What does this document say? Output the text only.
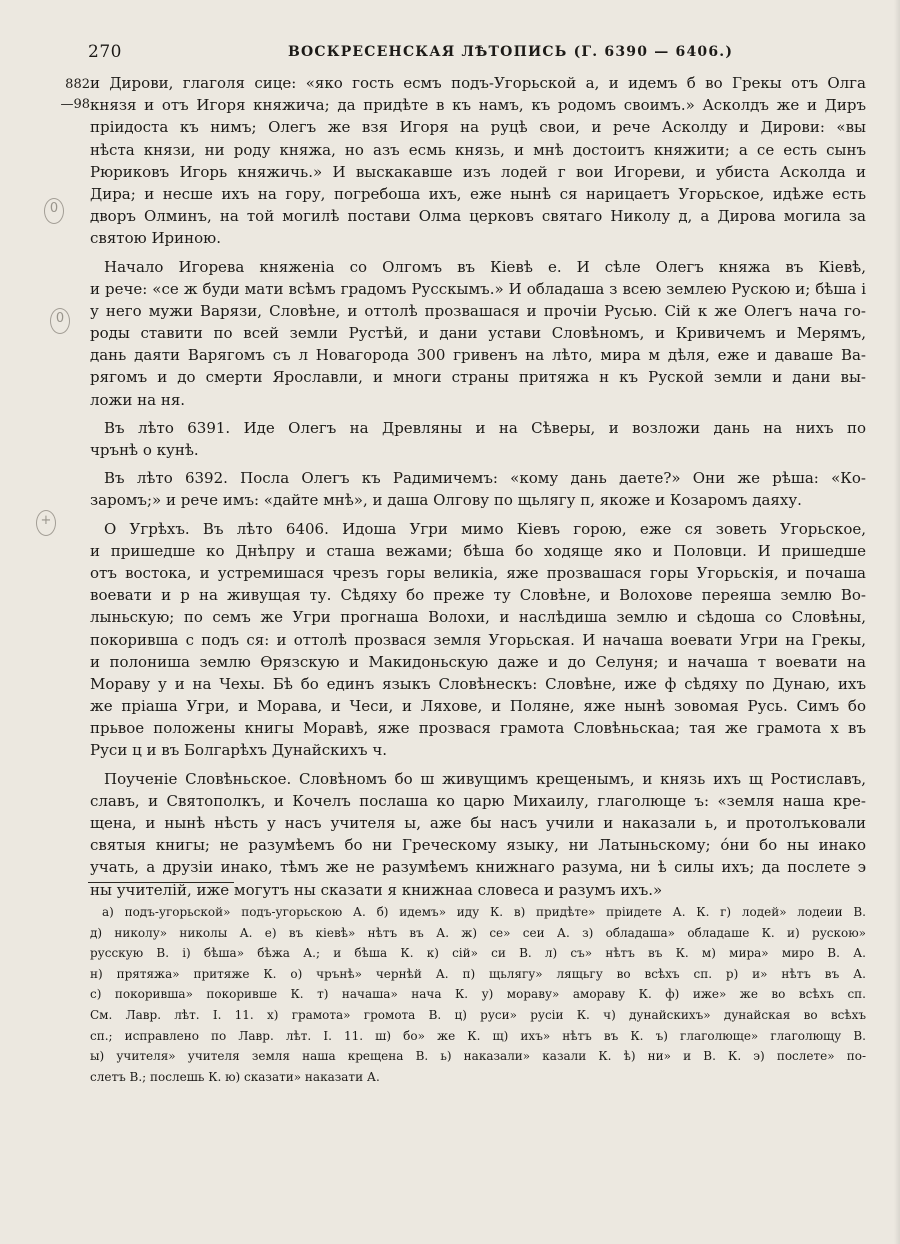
270	ВОСКРЕСЕНСКАЯ ЛѢТОПИСЬ (Г. 6390 — 6406.)
882
—98
0
0
+
и Дирови, глаголя сице: «яко гость есмъ подъ-Угорьской а, и идемъ б во Грекы отъ Олга
князя и отъ Игоря княжича; да придѣте в къ намъ, къ родомъ своимъ.» Асколдъ же и Диръ
пріидоста къ нимъ; Олегъ же взя Игоря на руцѣ свои, и рече Асколду и Дирови: «вы
нѣста князи, ни роду княжа, но азъ есмь князь, и мнѣ достоитъ княжити; а се есть сынъ
Рюриковъ Игорь княжичь.» И выскакавше изъ лодей г вои Игореви, и убиста Асколда и
Дира; и несше ихъ на гору, погребоша ихъ, еже нынѣ ся нарицаетъ Угорьское, идѣже есть
дворъ Олминъ, на той могилѣ постави Олма церковъ святаго Николу д, а Дирова могила за
святою Ириною.
Начало Игорева княженіа со Олгомъ въ Кіевѣ е. И сѣле Олегъ княжа въ Кіевѣ,
и рече: «се ж буди мати всѣмъ градомъ Русскымъ.» И обладаша з всею землею Рускою и; бѣша і
у него мужи Варязи, Словѣне, и оттолѣ прозвашася и прочіи Русью. Сій к же Олегъ нача го-
роды ставити по всей земли Рустѣй, и дани устави Словѣномъ, и Кривичемъ и Мерямъ,
дань даяти Варягомъ съ л Новагорода 300 гривенъ на лѣто, мира м дѣля, еже и даваше Ва-
рягомъ и до смерти Ярославли, и многи страны притяжа н къ Руской земли и дани вы-
ложи на ня.
Въ лѣто 6391. Иде Олегъ на Древляны и на Сѣверы, и возложи дань на нихъ по
чрънѣ о кунѣ.
Въ лѣто 6392. Посла Олегъ къ Радимичемъ: «кому дань даете?» Они же рѣша: «Ко-
заромъ;» и рече имъ: «дайте мнѣ», и даша Олгову по щьлягу п, якоже и Козаромъ даяху.
О Угрѣхъ. Въ лѣто 6406. Идоша Угри мимо Кіевъ горою, еже ся зоветь Угорьское,
и пришедше ко Днѣпру и сташа вежами; бѣша бо ходяще яко и Половци. И пришедше
отъ востока, и устремишася чрезъ горы великіа, яже прозвашася горы Угорьскія, и почаша
воевати и р на живущая ту. Сѣдяху бо преже ту Словѣне, и Волохове переяша землю Во-
лыньскую; по семъ же Угри прогнаша Волохи, и наслѣдиша землю и сѣдоша со Словѣны,
покоривша с подъ ся: и оттолѣ прозвася земля Угорьская. И начаша воевати Угри на Грекы,
и полониша землю Ѳрязскую и Макидоньскую даже и до Селуня; и начаша т воевати на
Мораву у и на Чехы. Бѣ бо единъ языкъ Словѣнескъ: Словѣне, иже ф сѣдяху по Дунаю, ихъ
же пріаша Угри, и Морава, и Чеси, и Ляхове, и Поляне, яже нынѣ зовомая Русь. Симъ бо
прьвое положены книгы Моравѣ, яже прозвася грамота Словѣньскаа; тая же грамота х въ
Руси ц и въ Болгарѣхъ Дунайскихъ ч.
Поученіе Словѣньское. Словѣномъ бо ш живущимъ крещенымъ, и князь ихъ щ Ростиславъ,
славъ, и Святополкъ, и Кочелъ послаша ко царю Михаилу, глаголюще ъ: «земля наша кре-
щена, и нынѣ нѣсть у насъ учителя ы, аже бы насъ учили и наказали ь, и протолъковали
святыя книгы; не разумѣемъ бо ни Греческому языку, ни Латыньскому; óни бо ны инако
учать, а друзіи инако, тѣмъ же не разумѣемъ книжнаго разума, ни ѣ силы ихъ; да послете э
ны учителій, иже могутъ ны сказати я книжнаа словеса и разумъ ихъ.»
а) подъ-угорьской» подъ-угорьскою А. б) идемъ» иду К. в) придѣте» пріидете А. К. г) лодей» лодеии В.
д) николу» николы А. е) въ кіевѣ» нѣтъ въ А. ж) се» сеи А. з) обладаша» обладаше К. и) рускою»
русскую В. і) бѣша» бѣжа А.; и бѣша К. к) сій» си В. л) съ» нѣтъ въ К. м) мира» миро В. А.
н) прятяжа» притяже К. о) чрънѣ» чернѣй А. п) щьлягу» лящьгу во всѣхъ сп. р) и» нѣтъ въ А.
с) покоривша» покоривше К. т) начаша» нача К. у) мораву» амораву К. ф) иже» же во всѣхъ сп.
См. Лавр. лѣт. I. 11. х) грамота» громота В. ц) руси» русіи К. ч) дунайскихъ» дунайская во всѣхъ
сп.; исправлено по Лавр. лѣт. I. 11. ш) бо» же К. щ) ихъ» нѣтъ въ К. ъ) глаголюще» глаголющу В.
ы) учителя» учителя земля наша крещена В. ь) наказали» казали К. ѣ) ни» и В. К. э) послете» по-
слетъ В.; послешь К. ю) сказати» наказати А.
